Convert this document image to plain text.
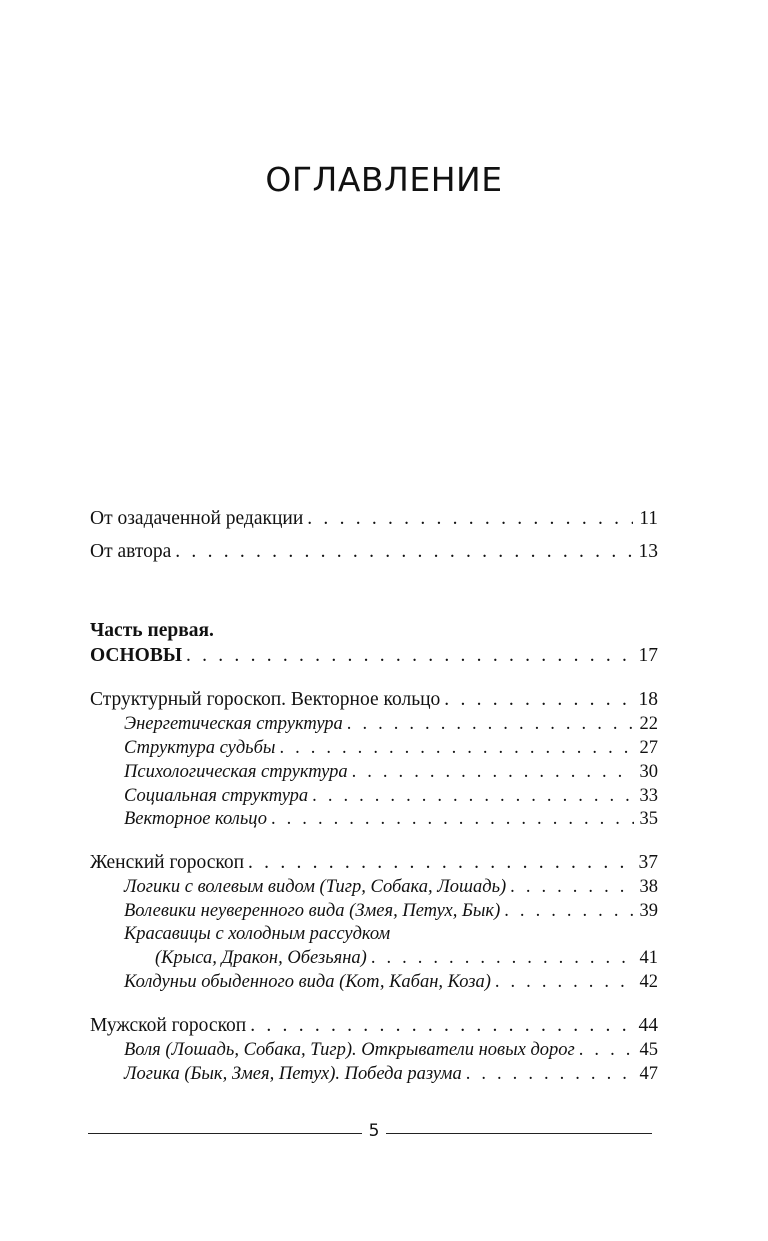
ОГЛАВЛЕНИЕ
От озадаченной редакции . . .	11
От автора . . .	13
Часть первая.
ОСНОВЫ . . .	17
Структурный гороскоп. Векторное кольцо . . .	18
Энергетическая структура . . .	22
Структура судьбы . . .	27
Психологическая структура . . .	30
Социальная структура . . .	33
Векторное кольцо . . .	35
Женский гороскоп . . .	37
Логики с волевым видом (Тигр, Собака, Лошадь) . . .	38
Волевики неуверенного вида (Змея, Петух, Бык) . . .	39
Красавицы с холодным рассудком
(Крыса, Дракон, Обезьяна) . . .	41
Колдуньи обыденного вида (Кот, Кабан, Коза) . . .	42
Мужской гороскоп . . .	44
Воля (Лошадь, Собака, Тигр). Открыватели новых дорог . . .	45
Логика (Бык, Змея, Петух). Победа разума . . .	47
5
